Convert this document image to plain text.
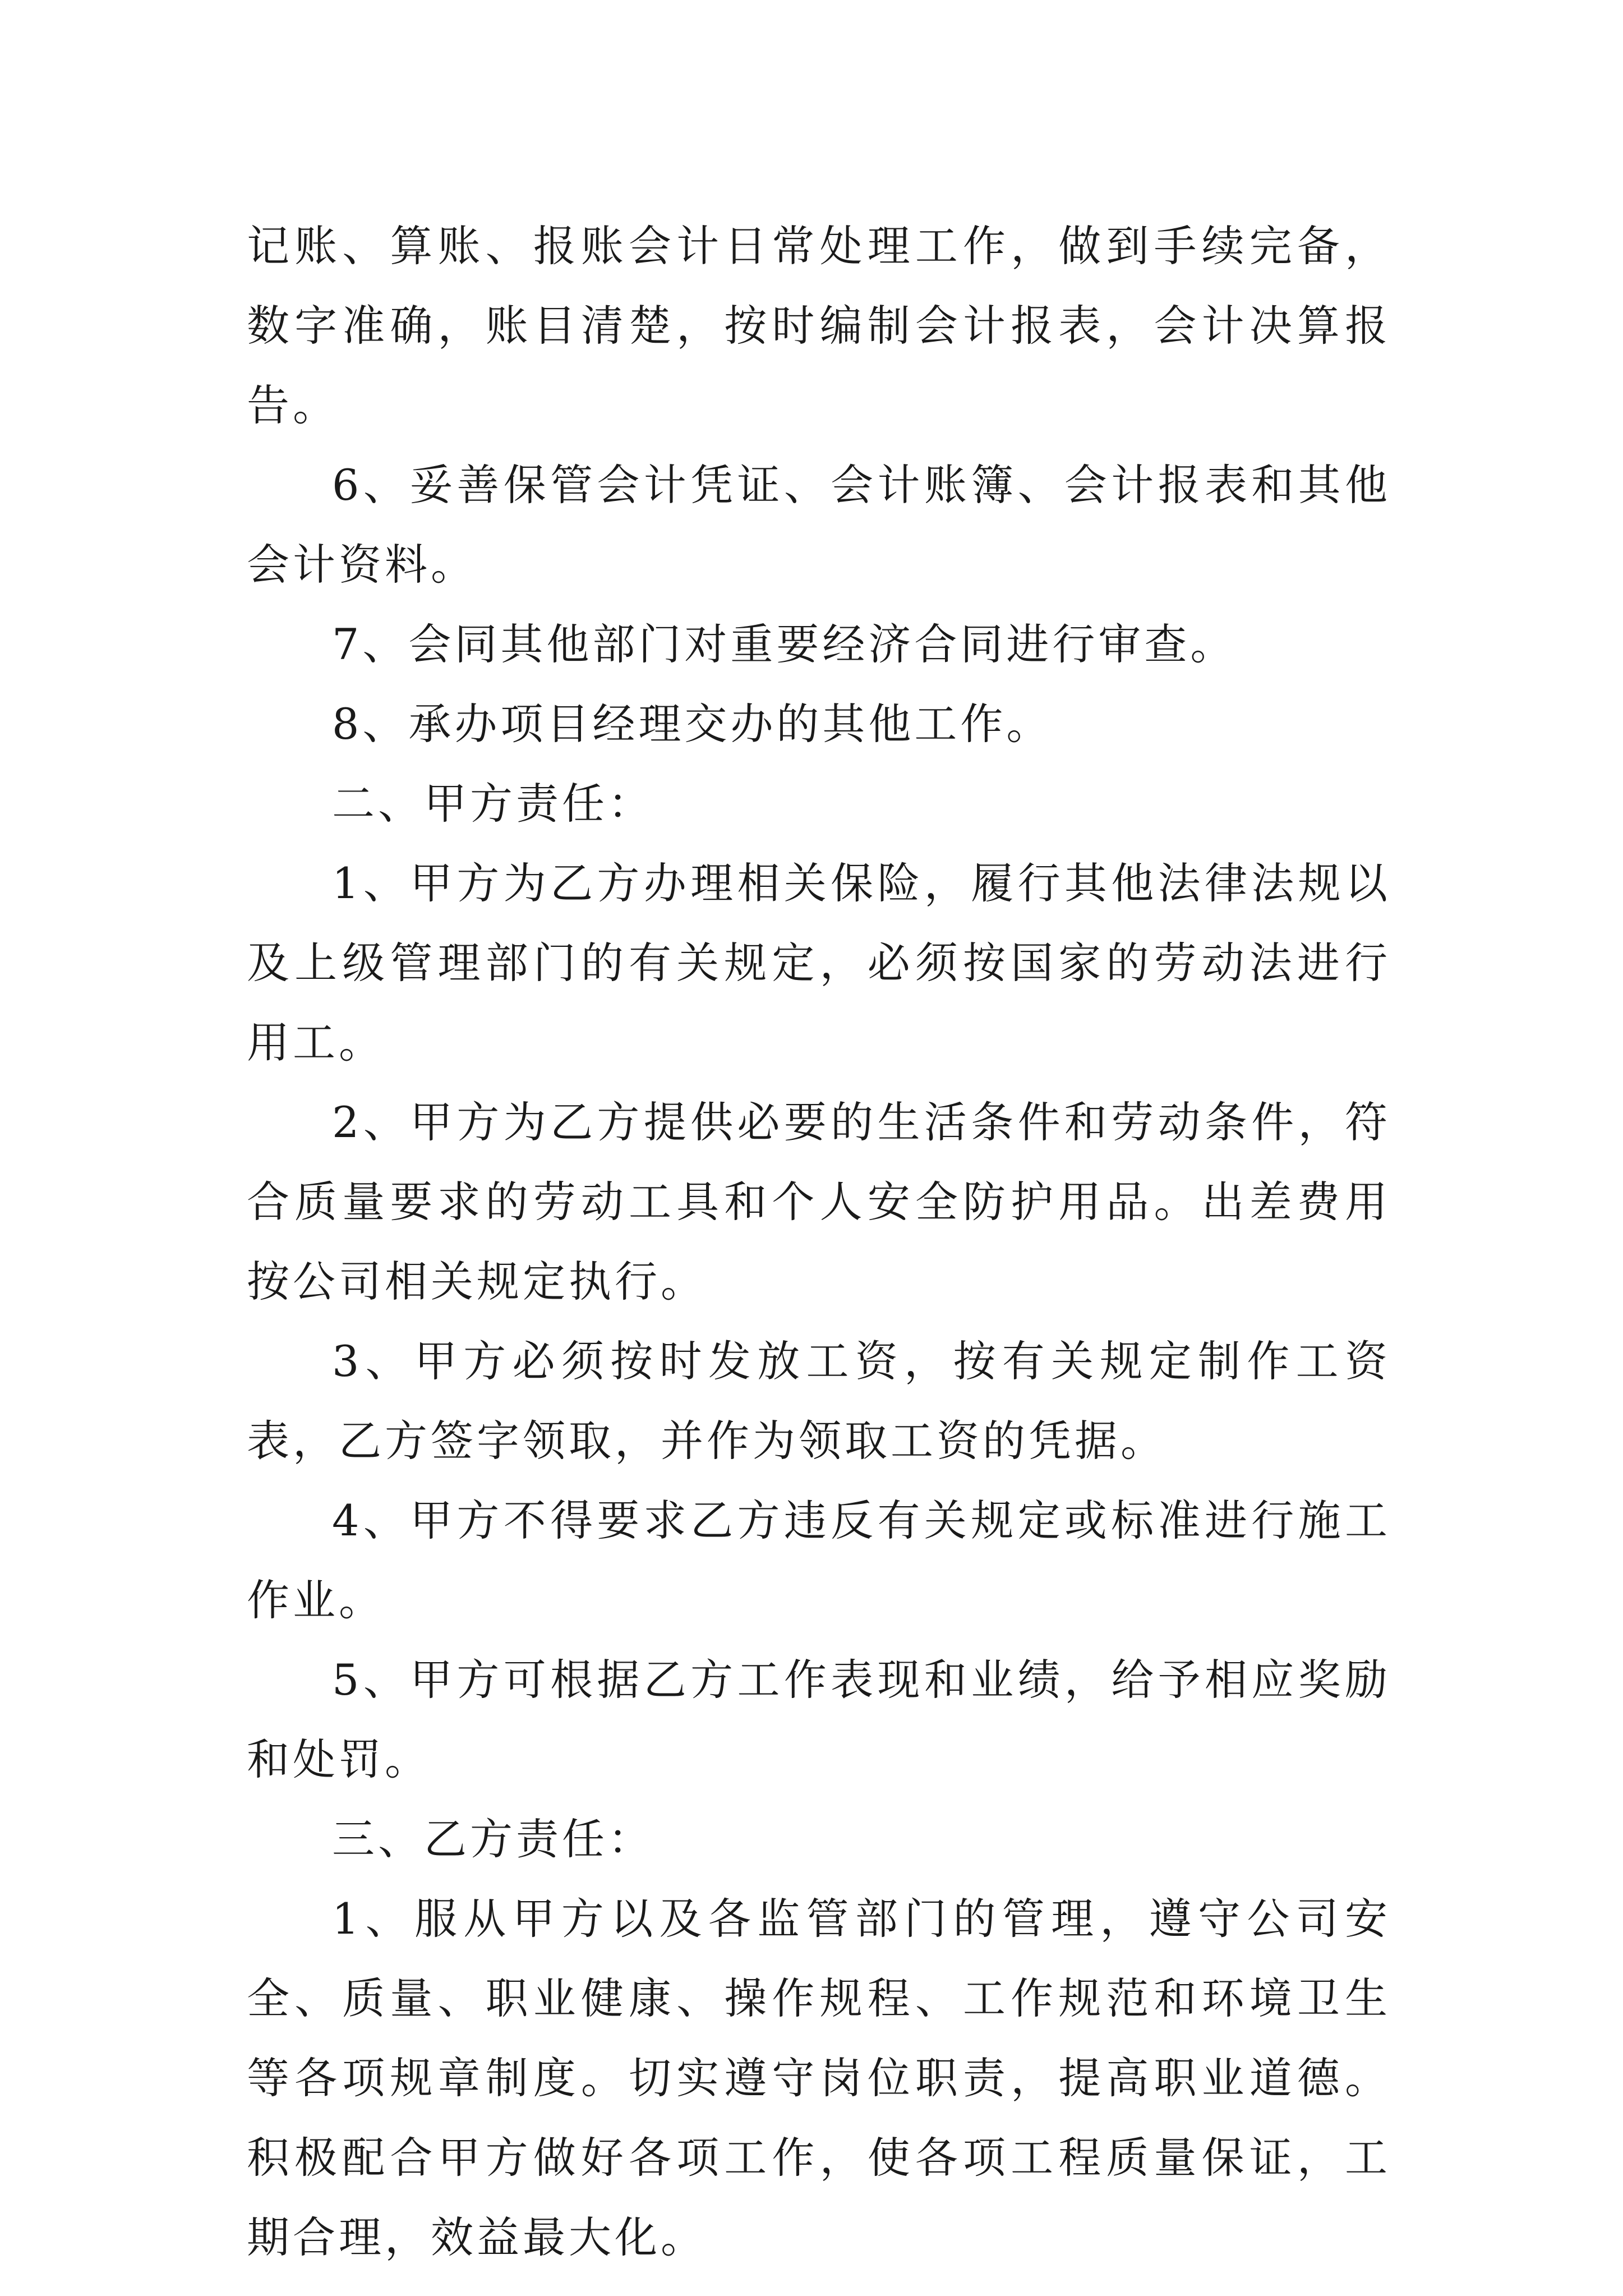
记账、算账、报账会计日常处理工作，做到手续完备，数字准确，账目清楚，按时编制会计报表，会计决算报告。

6、妥善保管会计凭证、会计账簿、会计报表和其他会计资料。

7、会同其他部门对重要经济合同进行审查。

8、承办项目经理交办的其他工作。

二、甲方责任：

1、甲方为乙方办理相关保险，履行其他法律法规以及上级管理部门的有关规定，必须按国家的劳动法进行用工。

2、甲方为乙方提供必要的生活条件和劳动条件，符合质量要求的劳动工具和个人安全防护用品。出差费用按公司相关规定执行。

3、甲方必须按时发放工资，按有关规定制作工资表，乙方签字领取，并作为领取工资的凭据。

4、甲方不得要求乙方违反有关规定或标准进行施工作业。

5、甲方可根据乙方工作表现和业绩，给予相应奖励和处罚。

三、乙方责任：

1、服从甲方以及各监管部门的管理，遵守公司安全、质量、职业健康、操作规程、工作规范和环境卫生等各项规章制度。切实遵守岗位职责，提高职业道德。积极配合甲方做好各项工作，使各项工程质量保证，工期合理，效益最大化。
